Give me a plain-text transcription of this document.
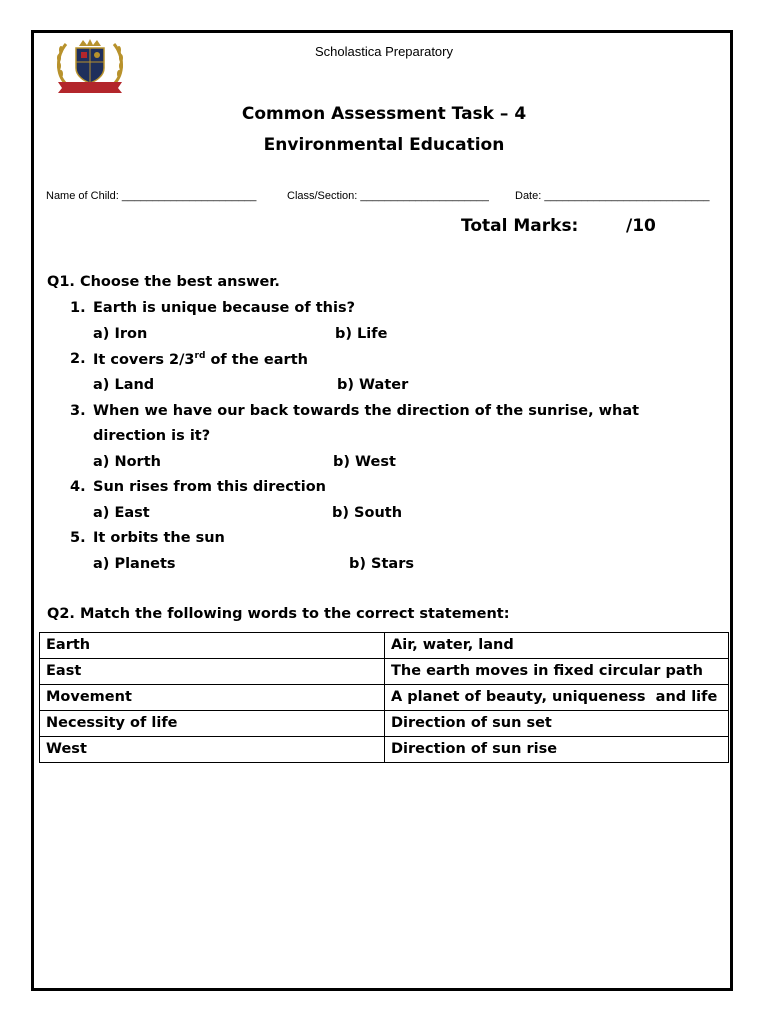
Scholastica Preparatory
Common Assessment Task – 4
Environmental Education
Name of Child: ______________________	Class/Section: _____________________ Date: ___________________________
Total Marks:	/10
Q1. Choose the best answer.
1. Earth is unique because of this?
a) Iron	b) Life
2. It covers 2/3rd of the earth
a) Land	b) Water
3. When we have our back towards the direction of the sunrise, what
direction is it?
a) North	b) West
4. Sun rises from this direction
a) East	b) South
5. It orbits the sun
a) Planets	b) Stars
Q2. Match the following words to the correct statement:
Earth	Air, water, land
East	The earth moves in fixed circular path
Movement	A planet of beauty, uniqueness  and life
Necessity of life	Direction of sun set
West	Direction of sun rise
